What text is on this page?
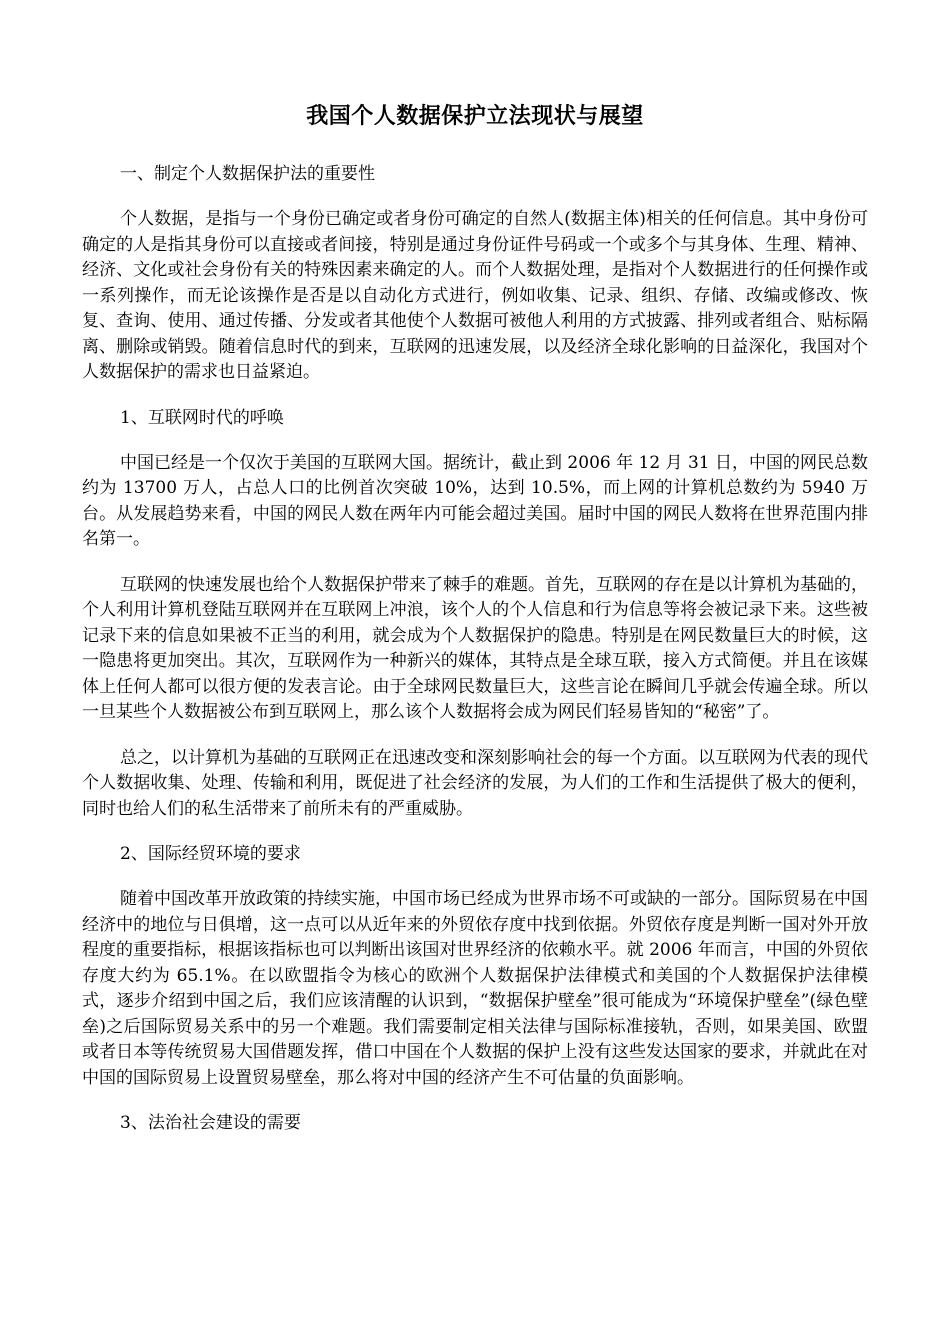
我国个人数据保护立法现状与展望
一、制定个人数据保护法的重要性

个人数据，是指与一个身份已确定或者身份可确定的自然人(数据主体)相关的任何信息。其中身份可确定的人是指其身份可以直接或者间接，特别是通过身份证件号码或一个或多个与其身体、生理、精神、经济、文化或社会身份有关的特殊因素来确定的人。而个人数据处理，是指对个人数据进行的任何操作或一系列操作，而无论该操作是否是以自动化方式进行，例如收集、记录、组织、存储、改编或修改、恢复、查询、使用、通过传播、分发或者其他使个人数据可被他人利用的方式披露、排列或者组合、贴标隔离、删除或销毁。随着信息时代的到来，互联网的迅速发展，以及经济全球化影响的日益深化，我国对个人数据保护的需求也日益紧迫。

1、互联网时代的呼唤

中国已经是一个仅次于美国的互联网大国。据统计，截止到 2006 年 12 月 31 日，中国的网民总数约为 13700 万人，占总人口的比例首次突破 10%，达到 10.5%，而上网的计算机总数约为 5940 万台。从发展趋势来看，中国的网民人数在两年内可能会超过美国。届时中国的网民人数将在世界范围内排名第一。

互联网的快速发展也给个人数据保护带来了棘手的难题。首先，互联网的存在是以计算机为基础的，个人利用计算机登陆互联网并在互联网上冲浪，该个人的个人信息和行为信息等将会被记录下来。这些被记录下来的信息如果被不正当的利用，就会成为个人数据保护的隐患。特别是在网民数量巨大的时候，这一隐患将更加突出。其次，互联网作为一种新兴的媒体，其特点是全球互联，接入方式简便。并且在该媒体上任何人都可以很方便的发表言论。由于全球网民数量巨大，这些言论在瞬间几乎就会传遍全球。所以一旦某些个人数据被公布到互联网上，那么该个人数据将会成为网民们轻易皆知的“秘密”了。

总之，以计算机为基础的互联网正在迅速改变和深刻影响社会的每一个方面。以互联网为代表的现代个人数据收集、处理、传输和利用，既促进了社会经济的发展，为人们的工作和生活提供了极大的便利，同时也给人们的私生活带来了前所未有的严重威胁。

2、国际经贸环境的要求

随着中国改革开放政策的持续实施，中国市场已经成为世界市场不可或缺的一部分。国际贸易在中国经济中的地位与日俱增，这一点可以从近年来的外贸依存度中找到依据。外贸依存度是判断一国对外开放程度的重要指标，根据该指标也可以判断出该国对世界经济的依赖水平。就 2006 年而言，中国的外贸依存度大约为 65.1%。在以欧盟指令为核心的欧洲个人数据保护法律模式和美国的个人数据保护法律模式，逐步介绍到中国之后，我们应该清醒的认识到，“数据保护壁垒”很可能成为“环境保护壁垒”(绿色壁垒)之后国际贸易关系中的另一个难题。我们需要制定相关法律与国际标准接轨，否则，如果美国、欧盟或者日本等传统贸易大国借题发挥，借口中国在个人数据的保护上没有这些发达国家的要求，并就此在对中国的国际贸易上设置贸易壁垒，那么将对中国的经济产生不可估量的负面影响。

3、法治社会建设的需要
